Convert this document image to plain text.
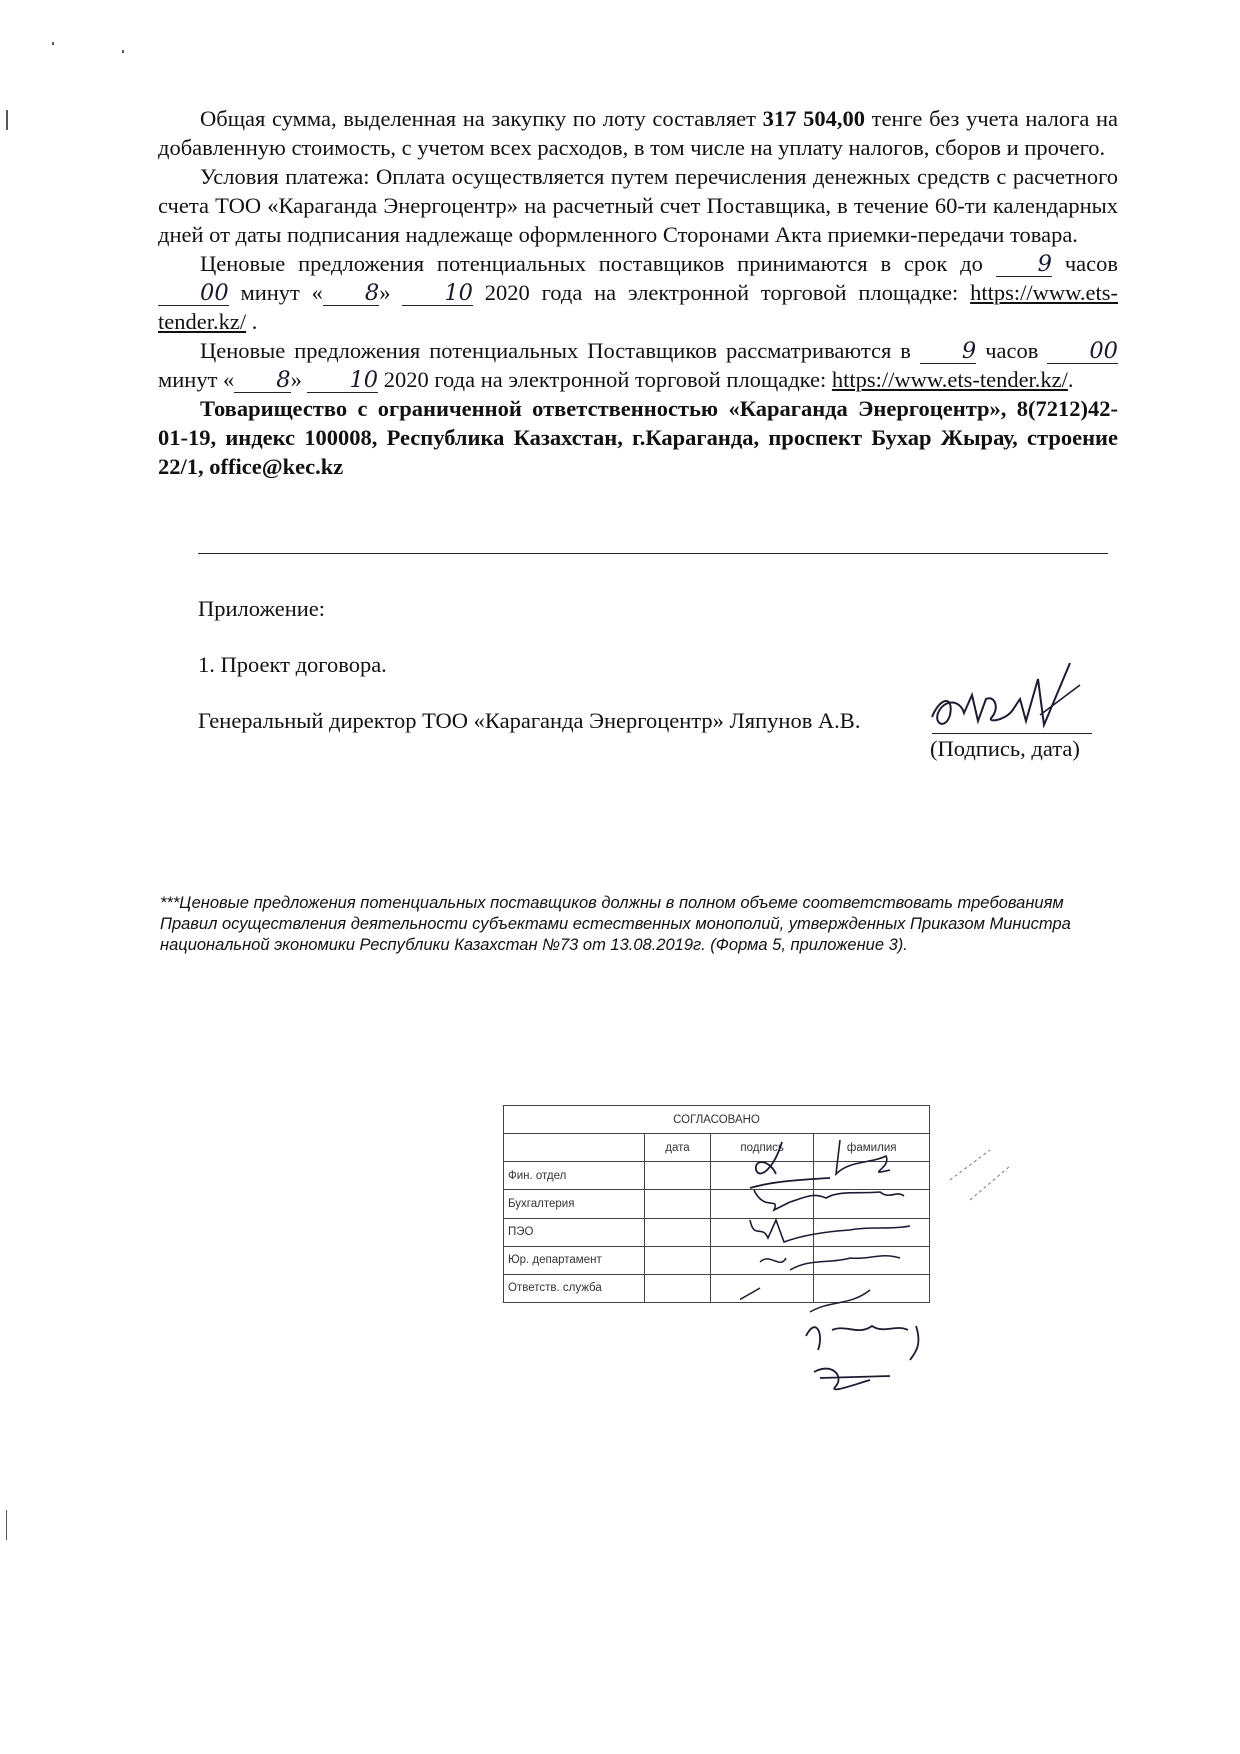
Общая сумма, выделенная на закупку по лоту составляет 317 504,00 тенге без учета налога на добавленную стоимость, с учетом всех расходов, в том числе на уплату налогов, сборов и прочего.

Условия платежа: Оплата осуществляется путем перечисления денежных средств с расчетного счета ТОО «Караганда Энергоцентр» на расчетный счет Поставщика, в течение 60-ти календарных дней от даты подписания надлежаще оформленного Сторонами Акта приемки-передачи товара.

Ценовые предложения потенциальных поставщиков принимаются в срок до 9 часов 00 минут « 8» 10 2020 года на электронной торговой площадке: https://www.ets-tender.kz/ .

Ценовые предложения потенциальных Поставщиков рассматриваются в 9 часов 00 минут « 8» 10 2020 года на электронной торговой площадке: https://www.ets-tender.kz/.

Товарищество с ограниченной ответственностью «Караганда Энергоцентр», 8(7212)42-01-19, индекс 100008, Республика Казахстан, г.Караганда, проспект Бухар Жырау, строение 22/1, office@kec.kz

Приложение:
1. Проект договора.
Генеральный директор ТОО «Караганда Энергоцентр» Ляпунов А.В.
(Подпись, дата)
***Ценовые предложения потенциальных поставщиков должны в полном объеме соответствовать требованиям Правил осуществления деятельности субъектами естественных монополий, утвержденных Приказом Министра национальной экономики Республики Казахстан №73 от 13.08.2019г. (Форма 5, приложение 3).
СОГЛАСОВАНО			
	дата	подпись	фамилия
Фин. отдел			
Бухгалтерия			
ПЭО			
Юр. департамент			
Ответств. служба			
